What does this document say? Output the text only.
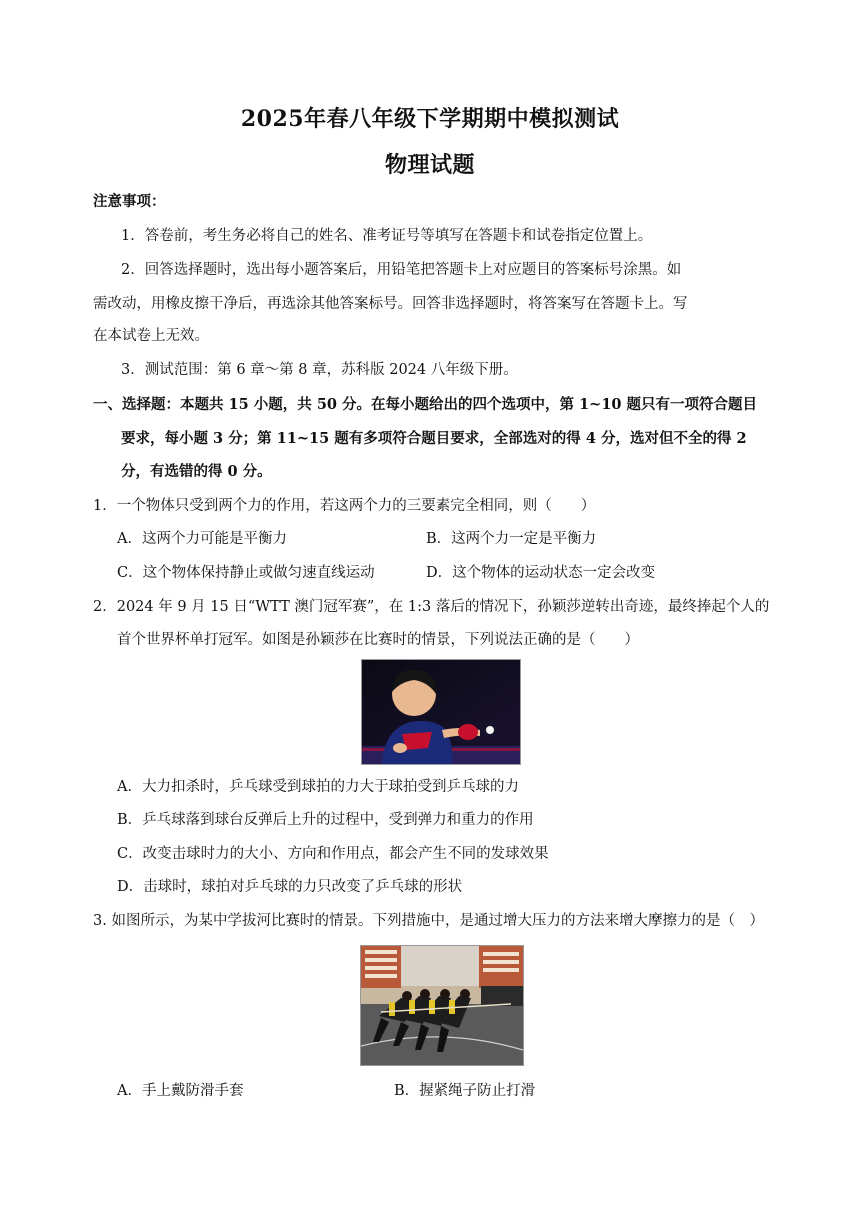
2025年春八年级下学期期中模拟测试
物理试题
注意事项：
1．答卷前，考生务必将自己的姓名、准考证号等填写在答题卡和试卷指定位置上。
2．回答选择题时，选出每小题答案后，用铅笔把答题卡上对应题目的答案标号涂黑。如
需改动，用橡皮擦干净后，再选涂其他答案标号。回答非选择题时，将答案写在答题卡上。写
在本试卷上无效。
3．测试范围：第 6 章～第 8 章，苏科版 2024 八年级下册。
一、选择题：本题共 15 小题，共 50 分。在每小题给出的四个选项中，第 1~10 题只有一项符合题目
要求，每小题 3 分；第 11~15 题有多项符合题目要求，全部选对的得 4 分，选对但不全的得 2
分，有选错的得 0 分。
1．一个物体只受到两个力的作用，若这两个力的三要素完全相同，则（　　）
A．这两个力可能是平衡力	B．这两个力一定是平衡力
C．这个物体保持静止或做匀速直线运动	D．这个物体的运动状态一定会改变
2．2024 年 9 月 15 日“WTT 澳门冠军赛”，在 1:3 落后的情况下，孙颖莎逆转出奇迹，最终捧起个人的
首个世界杯单打冠军。如图是孙颖莎在比赛时的情景，下列说法正确的是（　　）
A．大力扣杀时，乒乓球受到球拍的力大于球拍受到乒乓球的力
B．乒乓球落到球台反弹后上升的过程中，受到弹力和重力的作用
C．改变击球时力的大小、方向和作用点，都会产生不同的发球效果
D．击球时，球拍对乒乓球的力只改变了乒乓球的形状
3. 如图所示，为某中学拔河比赛时的情景。下列措施中，是通过增大压力的方法来增大摩擦力的是（　）
A．手上戴防滑手套	B．握紧绳子防止打滑
